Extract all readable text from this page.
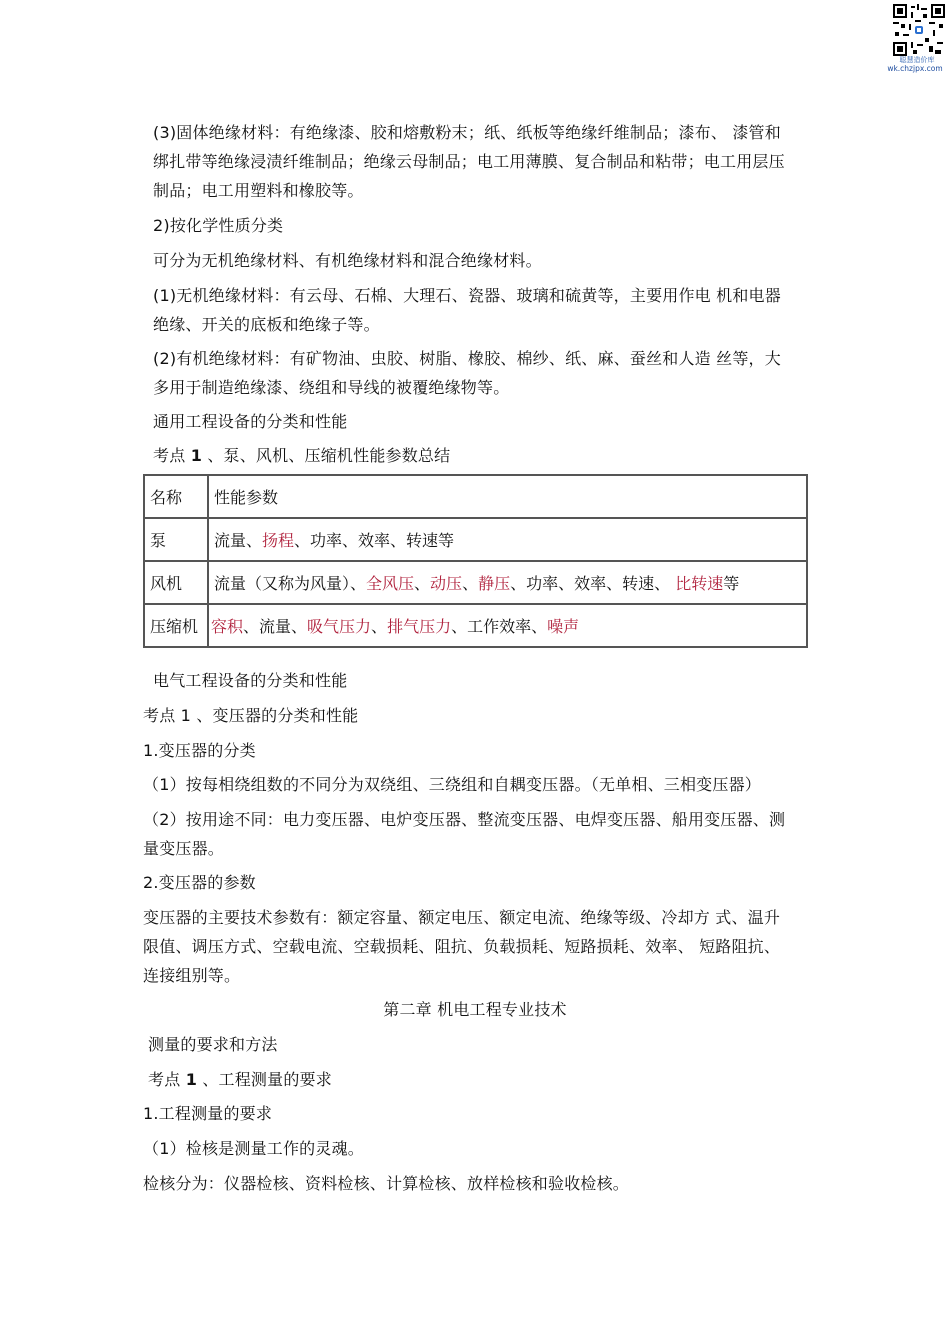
聪慧造价库
wk.chzjpx.com
(3)固体绝缘材料：有绝缘漆、胶和熔敷粉末；纸、纸板等绝缘纤维制品；漆布、 漆管和
绑扎带等绝缘浸渍纤维制品；绝缘云母制品；电工用薄膜、复合制品和粘带；电工用层压
制品；电工用塑料和橡胶等。
2)按化学性质分类
可分为无机绝缘材料、有机绝缘材料和混合绝缘材料。
(1)无机绝缘材料：有云母、石棉、大理石、瓷器、玻璃和硫黄等，主要用作电 机和电器
绝缘、开关的底板和绝缘子等。
(2)有机绝缘材料：有矿物油、虫胶、树脂、橡胶、棉纱、纸、麻、蚕丝和人造 丝等，大
多用于制造绝缘漆、绕组和导线的被覆绝缘物等。
通用工程设备的分类和性能
考点 1 、泵、风机、压缩机性能参数总结
名称	性能参数
泵	流量、扬程、功率、效率、转速等
风机	流量（又称为风量）、全风压、动压、静压、功率、效率、转速、 比转速等
压缩机	容积、流量、吸气压力、排气压力、工作效率、噪声
电气工程设备的分类和性能
考点 1 、变压器的分类和性能
1.变压器的分类
（1）按每相绕组数的不同分为双绕组、三绕组和自耦变压器。（无单相、三相变压器）
（2）按用途不同：电力变压器、电炉变压器、整流变压器、电焊变压器、船用变压器、测
量变压器。
2.变压器的参数
变压器的主要技术参数有：额定容量、额定电压、额定电流、绝缘等级、冷却方 式、温升
限值、调压方式、空载电流、空载损耗、阻抗、负载损耗、短路损耗、效率、 短路阻抗、
连接组别等。
第二章 机电工程专业技术
测量的要求和方法
考点 1 、工程测量的要求
1.工程测量的要求
（1）检核是测量工作的灵魂。
检核分为：仪器检核、资料检核、计算检核、放样检核和验收检核。
